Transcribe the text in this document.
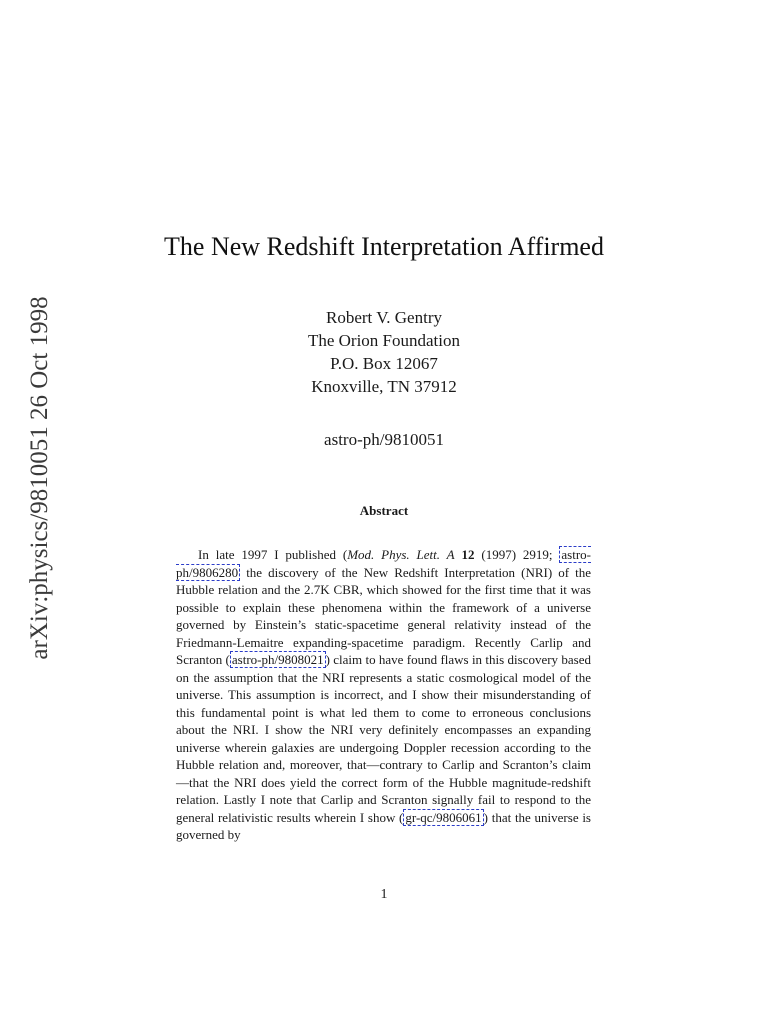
arXiv:physics/9810051 26 Oct 1998
The New Redshift Interpretation Affirmed
Robert V. Gentry
The Orion Foundation
P.O. Box 12067
Knoxville, TN 37912
astro-ph/9810051
Abstract

In late 1997 I published (Mod. Phys. Lett. A 12 (1997) 2919; astro-ph/9806280 the discovery of the New Redshift Interpretation (NRI) of the Hubble relation and the 2.7K CBR, which showed for the first time that it was possible to explain these phenomena within the framework of a universe governed by Einstein’s static-spacetime general relativity instead of the Friedmann-Lemaitre expanding-spacetime paradigm. Recently Carlip and Scranton ( astro-ph/9808021 ) claim to have found flaws in this discovery based on the assumption that the NRI represents a static cosmological model of the universe. This assumption is incorrect, and I show their misunderstanding of this fundamental point is what led them to come to erroneous conclusions about the NRI. I show the NRI very definitely encompasses an expanding universe wherein galaxies are undergoing Doppler recession according to the Hubble relation and, moreover, that—contrary to Carlip and Scranton’s claim—that the NRI does yield the correct form of the Hubble magnitude-redshift relation. Lastly I note that Carlip and Scranton signally fail to respond to the general relativistic results wherein I show ( gr-qc/9806061 ) that the universe is governed by

1
